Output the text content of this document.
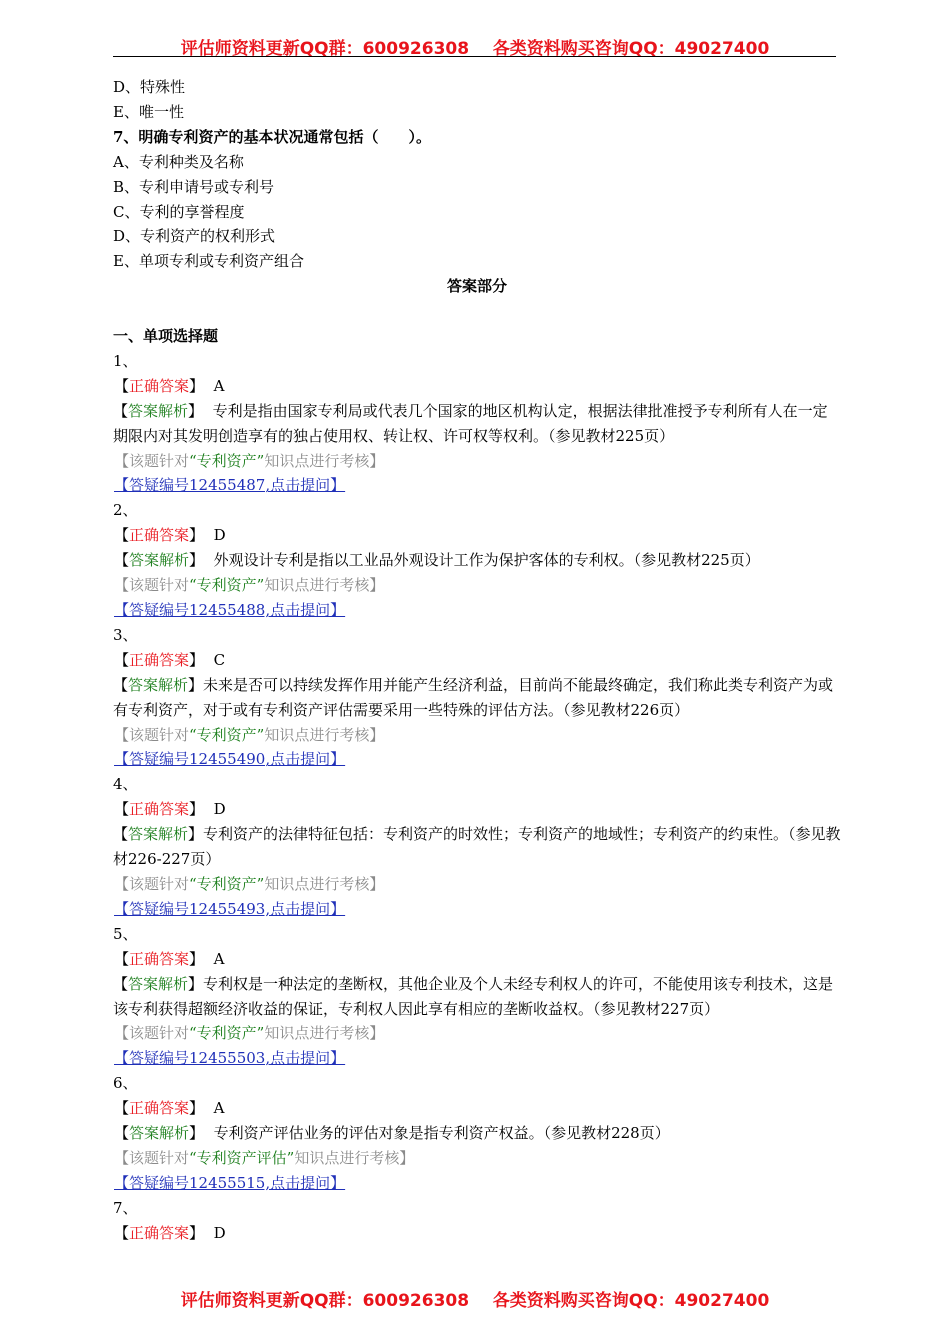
评估师资料更新QQ群：600926308    各类资料购买咨询QQ：49027400
D、特殊性
E、唯一性
7、明确专利资产的基本状况通常包括（　　）。
A、专利种类及名称
B、专利申请号或专利号
C、专利的享誉程度
D、专利资产的权利形式
E、单项专利或专利资产组合
答案部分
一、单项选择题
1、
【正确答案】 A
【答案解析】 专利是指由国家专利局或代表几个国家的地区机构认定，根据法律批准授予专利所有人在一定期限内对其发明创造享有的独占使用权、转让权、许可权等权利。（参见教材225页）
【该题针对“专利资产”知识点进行考核】
【答疑编号12455487,点击提问】
2、
【正确答案】 D
【答案解析】 外观设计专利是指以工业品外观设计工作为保护客体的专利权。（参见教材225页）
【该题针对“专利资产”知识点进行考核】
【答疑编号12455488,点击提问】
3、
【正确答案】 C
【答案解析】未来是否可以持续发挥作用并能产生经济利益，目前尚不能最终确定，我们称此类专利资产为或有专利资产，对于或有专利资产评估需要采用一些特殊的评估方法。（参见教材226页）
【该题针对“专利资产”知识点进行考核】
【答疑编号12455490,点击提问】
4、
【正确答案】 D
【答案解析】专利资产的法律特征包括：专利资产的时效性；专利资产的地域性；专利资产的约束性。（参见教材226-227页）
【该题针对“专利资产”知识点进行考核】
【答疑编号12455493,点击提问】
5、
【正确答案】 A
【答案解析】专利权是一种法定的垄断权，其他企业及个人未经专利权人的许可，不能使用该专利技术，这是该专利获得超额经济收益的保证，专利权人因此享有相应的垄断收益权。（参见教材227页）
【该题针对“专利资产”知识点进行考核】
【答疑编号12455503,点击提问】
6、
【正确答案】 A
【答案解析】 专利资产评估业务的评估对象是指专利资产权益。（参见教材228页）
【该题针对“专利资产评估”知识点进行考核】
【答疑编号12455515,点击提问】
7、
【正确答案】 D
评估师资料更新QQ群：600926308    各类资料购买咨询QQ：49027400
